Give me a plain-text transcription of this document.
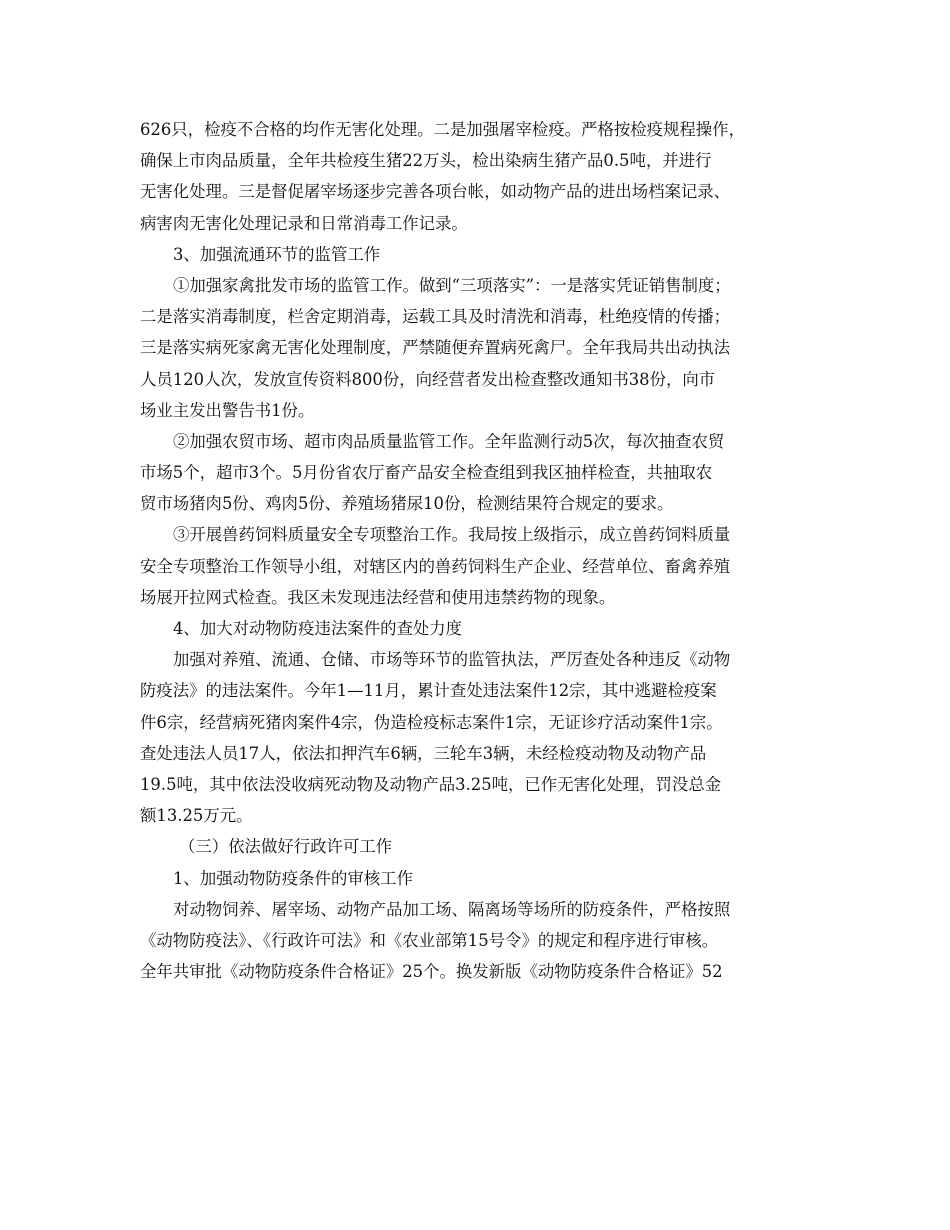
626只，检疫不合格的均作无害化处理。二是加强屠宰检疫。严格按检疫规程操作，
确保上市肉品质量，全年共检疫生猪22万头，检出染病生猪产品0.5吨，并进行
无害化处理。三是督促屠宰场逐步完善各项台帐，如动物产品的进出场档案记录、
病害肉无害化处理记录和日常消毒工作记录。
3、加强流通环节的监管工作
①加强家禽批发市场的监管工作。做到“三项落实”：一是落实凭证销售制度；
二是落实消毒制度，栏舍定期消毒，运载工具及时清洗和消毒，杜绝疫情的传播；
三是落实病死家禽无害化处理制度，严禁随便弃置病死禽尸。全年我局共出动执法
人员120人次，发放宣传资料800份，向经营者发出检查整改通知书38份，向市
场业主发出警告书1份。
②加强农贸市场、超市肉品质量监管工作。全年监测行动5次，每次抽查农贸
市场5个，超市3个。5月份省农厅畜产品安全检查组到我区抽样检查，共抽取农
贸市场猪肉5份、鸡肉5份、养殖场猪尿10份，检测结果符合规定的要求。
③开展兽药饲料质量安全专项整治工作。我局按上级指示，成立兽药饲料质量
安全专项整治工作领导小组，对辖区内的兽药饲料生产企业、经营单位、畜禽养殖
场展开拉网式检查。我区未发现违法经营和使用违禁药物的现象。
4、加大对动物防疫违法案件的查处力度
加强对养殖、流通、仓储、市场等环节的监管执法，严厉查处各种违反《动物
防疫法》的违法案件。今年1—11月，累计查处违法案件12宗，其中逃避检疫案
件6宗，经营病死猪肉案件4宗，伪造检疫标志案件1宗，无证诊疗活动案件1宗。
查处违法人员17人，依法扣押汽车6辆，三轮车3辆，未经检疫动物及动物产品
19.5吨，其中依法没收病死动物及动物产品3.25吨，已作无害化处理，罚没总金
额13.25万元。
（三）依法做好行政许可工作
1、加强动物防疫条件的审核工作
对动物饲养、屠宰场、动物产品加工场、隔离场等场所的防疫条件，严格按照
《动物防疫法》、《行政许可法》和《农业部第15号令》的规定和程序进行审核。
全年共审批《动物防疫条件合格证》25个。换发新版《动物防疫条件合格证》52
